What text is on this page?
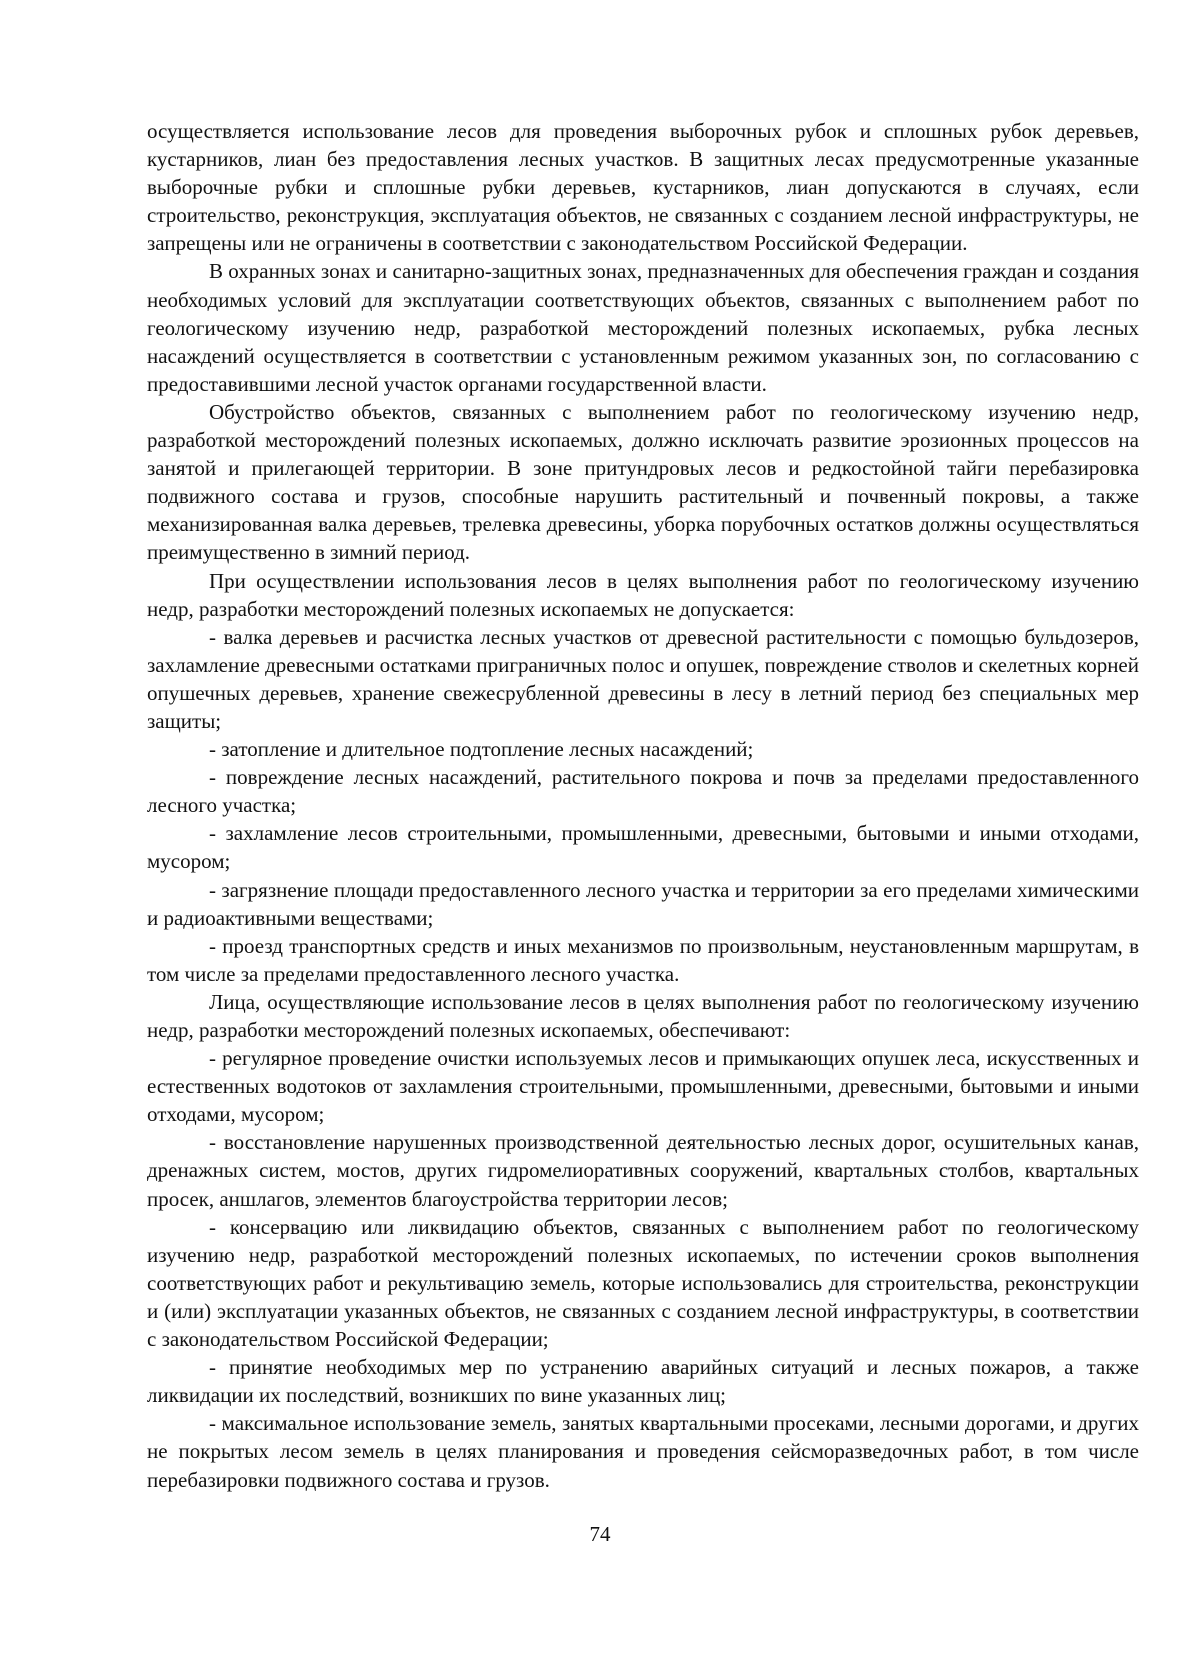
осуществляется использование лесов для проведения выборочных рубок и сплошных рубок деревьев, кустарников, лиан без предоставления лесных участков. В защитных лесах предусмотренные указанные выборочные рубки и сплошные рубки деревьев, кустарников, лиан допускаются в случаях, если строительство, реконструкция, эксплуатация объектов, не связанных с созданием лесной инфраструктуры, не запрещены или не ограничены в соответствии с законодательством Российской Федерации.

В охранных зонах и санитарно-защитных зонах, предназначенных для обеспечения граждан и создания необходимых условий для эксплуатации соответствующих объектов, связанных с выполнением работ по геологическому изучению недр, разработкой месторождений полезных ископаемых, рубка лесных насаждений осуществляется в соответствии с установленным режимом указанных зон, по согласованию с предоставившими лесной участок органами государственной власти.

Обустройство объектов, связанных с выполнением работ по геологическому изучению недр, разработкой месторождений полезных ископаемых, должно исключать развитие эрозионных процессов на занятой и прилегающей территории. В зоне притундровых лесов и редкостойной тайги перебазировка подвижного состава и грузов, способные нарушить растительный и почвенный покровы, а также механизированная валка деревьев, трелевка древесины, уборка порубочных остатков должны осуществляться преимущественно в зимний период.

При осуществлении использования лесов в целях выполнения работ по геологическому изучению недр, разработки месторождений полезных ископаемых не допускается:

- валка деревьев и расчистка лесных участков от древесной растительности с помощью бульдозеров, захламление древесными остатками приграничных полос и опушек, повреждение стволов и скелетных корней опушечных деревьев, хранение свежесрубленной древесины в лесу в летний период без специальных мер защиты;

- затопление и длительное подтопление лесных насаждений;

- повреждение лесных насаждений, растительного покрова и почв за пределами предоставленного лесного участка;

- захламление лесов строительными, промышленными, древесными, бытовыми и иными отходами, мусором;

- загрязнение площади предоставленного лесного участка и территории за его пределами химическими и радиоактивными веществами;

- проезд транспортных средств и иных механизмов по произвольным, неустановленным маршрутам, в том числе за пределами предоставленного лесного участка.

Лица, осуществляющие использование лесов в целях выполнения работ по геологическому изучению недр, разработки месторождений полезных ископаемых, обеспечивают:

- регулярное проведение очистки используемых лесов и примыкающих опушек леса, искусственных и естественных водотоков от захламления строительными, промышленными, древесными, бытовыми и иными отходами, мусором;

- восстановление нарушенных производственной деятельностью лесных дорог, осушительных канав, дренажных систем, мостов, других гидромелиоративных сооружений, квартальных столбов, квартальных просек, аншлагов, элементов благоустройства территории лесов;

- консервацию или ликвидацию объектов, связанных с выполнением работ по геологическому изучению недр, разработкой месторождений полезных ископаемых, по истечении сроков выполнения соответствующих работ и рекультивацию земель, которые использовались для строительства, реконструкции и (или) эксплуатации указанных объектов, не связанных с созданием лесной инфраструктуры, в соответствии с законодательством Российской Федерации;

- принятие необходимых мер по устранению аварийных ситуаций и лесных пожаров, а также ликвидации их последствий, возникших по вине указанных лиц;

- максимальное использование земель, занятых квартальными просеками, лесными дорогами, и других не покрытых лесом земель в целях планирования и проведения сейсморазведочных работ, в том числе перебазировки подвижного состава и грузов.

74
